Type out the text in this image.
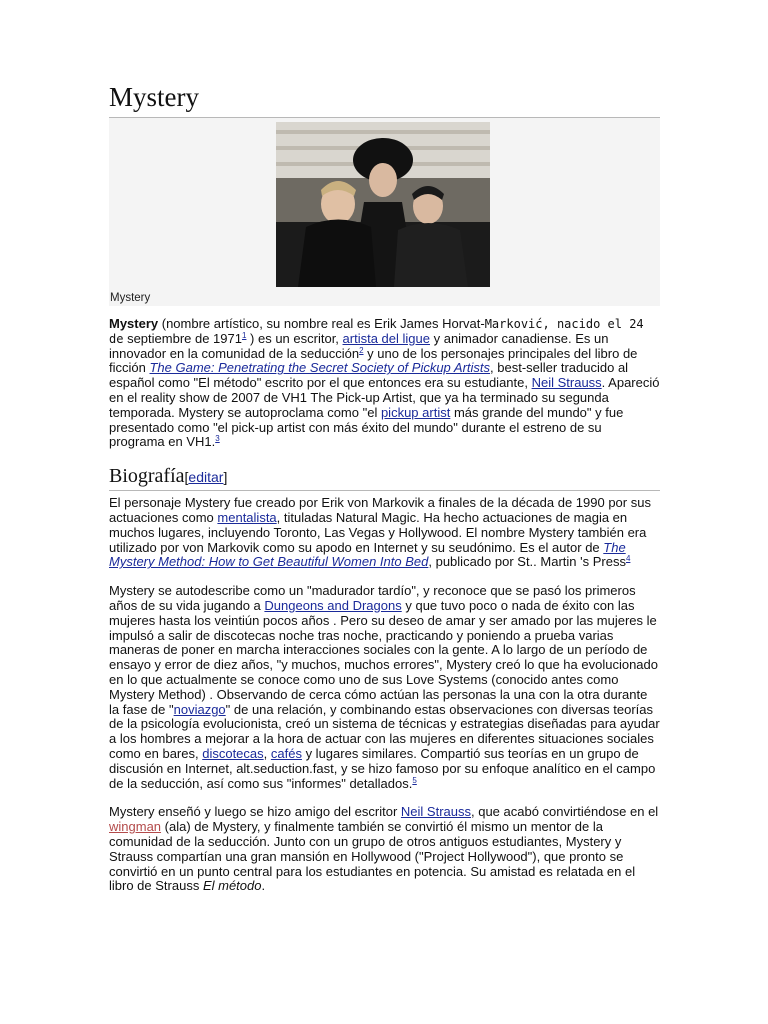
Mystery
Mystery

Mystery (nombre artístico, su nombre real es Erik James Horvat-Marković, nacido el 24 de septiembre de 1971$^1$ ) es un escritor, artista del ligue y animador canadiense. Es un innovador en la comunidad de la seducción$^2$ y uno de los personajes principales del libro de ficción The Game: Penetrating the Secret Society of Pickup Artists, best-seller traducido al español como "El método" escrito por el que entonces era su estudiante, Neil Strauss. Apareció en el reality show de 2007 de VH1 The Pick-up Artist, que ya ha terminado su segunda temporada. Mystery se autoproclama como "el pickup artist más grande del mundo" y fue presentado como "el pick-up artist con más éxito del mundo" durante el estreno de su programa en VH1.$^3$

Biografía[editar]

El personaje Mystery fue creado por Erik von Markovik a finales de la década de 1990 por sus actuaciones como mentalista, tituladas Natural Magic. Ha hecho actuaciones de magia en muchos lugares, incluyendo Toronto, Las Vegas y Hollywood. El nombre Mystery también era utilizado por von Markovik como su apodo en Internet y su seudónimo. Es el autor de The Mystery Method: How to Get Beautiful Women Into Bed, publicado por St.. Martin 's Press$^4$

Mystery se autodescribe como un "madurador tardío", y reconoce que se pasó los primeros años de su vida jugando a Dungeons and Dragons y que tuvo poco o nada de éxito con las mujeres hasta los veintiún pocos años . Pero su deseo de amar y ser amado por las mujeres le impulsó a salir de discotecas noche tras noche, practicando y poniendo a prueba varias maneras de poner en marcha interacciones sociales con la gente. A lo largo de un período de ensayo y error de diez años, "y muchos, muchos errores", Mystery creó lo que ha evolucionado en lo que actualmente se conoce como uno de sus Love Systems (conocido antes como Mystery Method) . Observando de cerca cómo actúan las personas la una con la otra durante la fase de "noviazgo" de una relación, y combinando estas observaciones con diversas teorías de la psicología evolucionista, creó un sistema de técnicas y estrategias diseñadas para ayudar a los hombres a mejorar a la hora de actuar con las mujeres en diferentes situaciones sociales como en bares, discotecas, cafés y lugares similares. Compartió sus teorías en un grupo de discusión en Internet, alt.seduction.fast, y se hizo famoso por su enfoque analítico en el campo de la seducción, así como sus "informes" detallados.$^5$

Mystery enseñó y luego se hizo amigo del escritor Neil Strauss, que acabó convirtiéndose en el wingman (ala) de Mystery, y finalmente también se convirtió él mismo un mentor de la comunidad de la seducción. Junto con un grupo de otros antiguos estudiantes, Mystery y Strauss compartían una gran mansión en Hollywood ("Project Hollywood"), que pronto se convirtió en un punto central para los estudiantes en potencia. Su amistad es relatada en el libro de Strauss El método.
